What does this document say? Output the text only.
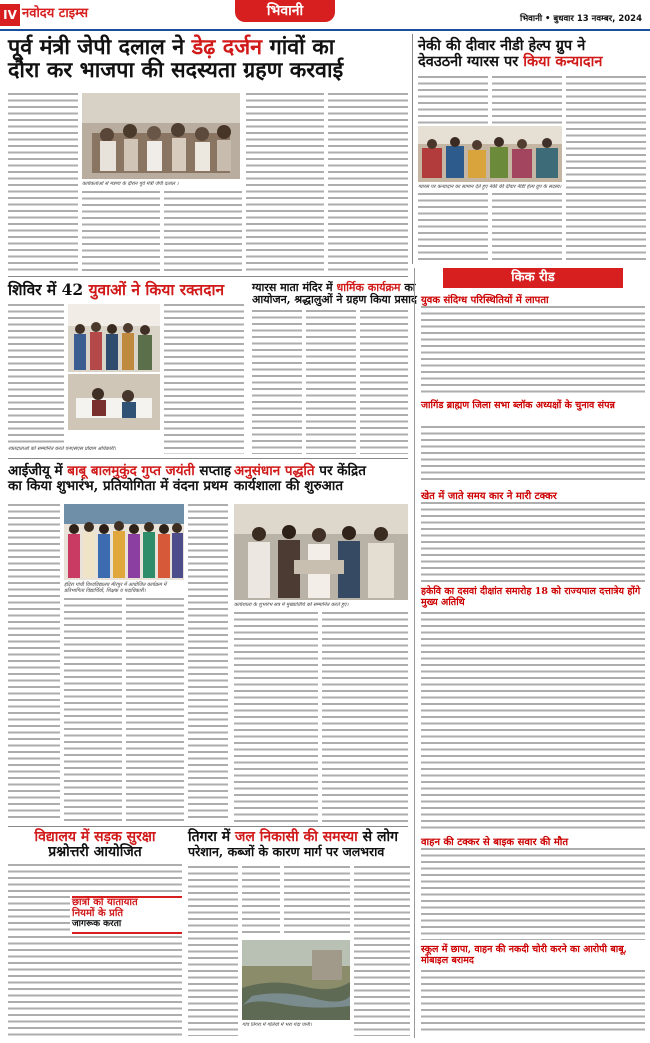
IV नवोदय टाइम्स	भिवानी	भिवानी • बुधवार 13 नवम्बर, 2024
पूर्व मंत्री जेपी दलाल ने डेढ़ दर्जन गांवों का
दौरा कर भाजपा की सदस्यता ग्रहण करवाई
कार्यकर्ताओं से मत्रणा के दौरान पूर्व मंत्री जेपी दलाल ।
नेकी की दीवार नीडी हेल्प ग्रुप ने
देवउठनी ग्यारस पर किया कन्यादान
ग्यारस पर कन्यादान का सामान देते हुए नेकी की दीवार नीडी हेल्प ग्रुप के सदस्य।
शिविर में 42 युवाओं ने किया रक्तदान
रक्तदाताओं को सम्मानित करते एनएसएस प्रोग्राम अधिकारी।
ग्यारस माता मंदिर में धार्मिक कार्यक्रम का
आयोजन, श्रद्धालुओं ने ग्रहण किया प्रसाद
किक रीड
युवक संदिग्ध परिस्थितियों में लापता
जागिंड ब्राह्मण जिला सभा ब्लॉक अध्यक्षों के चुनाव संपन्न
खेत में जाते समय कार ने मारी टक्कर
हकेवि का दसवां दीक्षांत समारोह 18 को राज्यपाल दत्तात्रेय होंगे मुख्य अतिथि
वाहन की टक्कर से बाइक सवार की मौत
स्कूल में छापा, वाहन की नकदी चोरी करने का आरोपी बाबू, मोबाइल बरामद
आईजीयू में बाबू बालमुकुंद गुप्त जयंती सप्ताह
का किया शुभारंभ, प्रतियोगिता में वंदना प्रथम
इंदिरा गांधी विश्वविद्यालय मीरपुर में आयोजित कार्यक्रम में प्रतिभागिता विद्यार्थियों, शिक्षक व पदाधिकारी।
अनुसंधान पद्धति पर केंद्रित
कार्यशाला की शुरुआत
कार्यशाला के शुभारंभ सत्र में मुख्यातिथि को सम्मानित करते हुए।
विद्यालय में सड़क सुरक्षा
प्रश्नोत्तरी आयोजित
छात्रों को यातायात
नियमों के प्रति
जागरूक करता
तिगरा में जल निकासी की समस्या से लोग
परेशान, कब्जों के कारण मार्ग पर जलभराव
गांव तिगरा में गलियों में भरा गंदा पानी।
